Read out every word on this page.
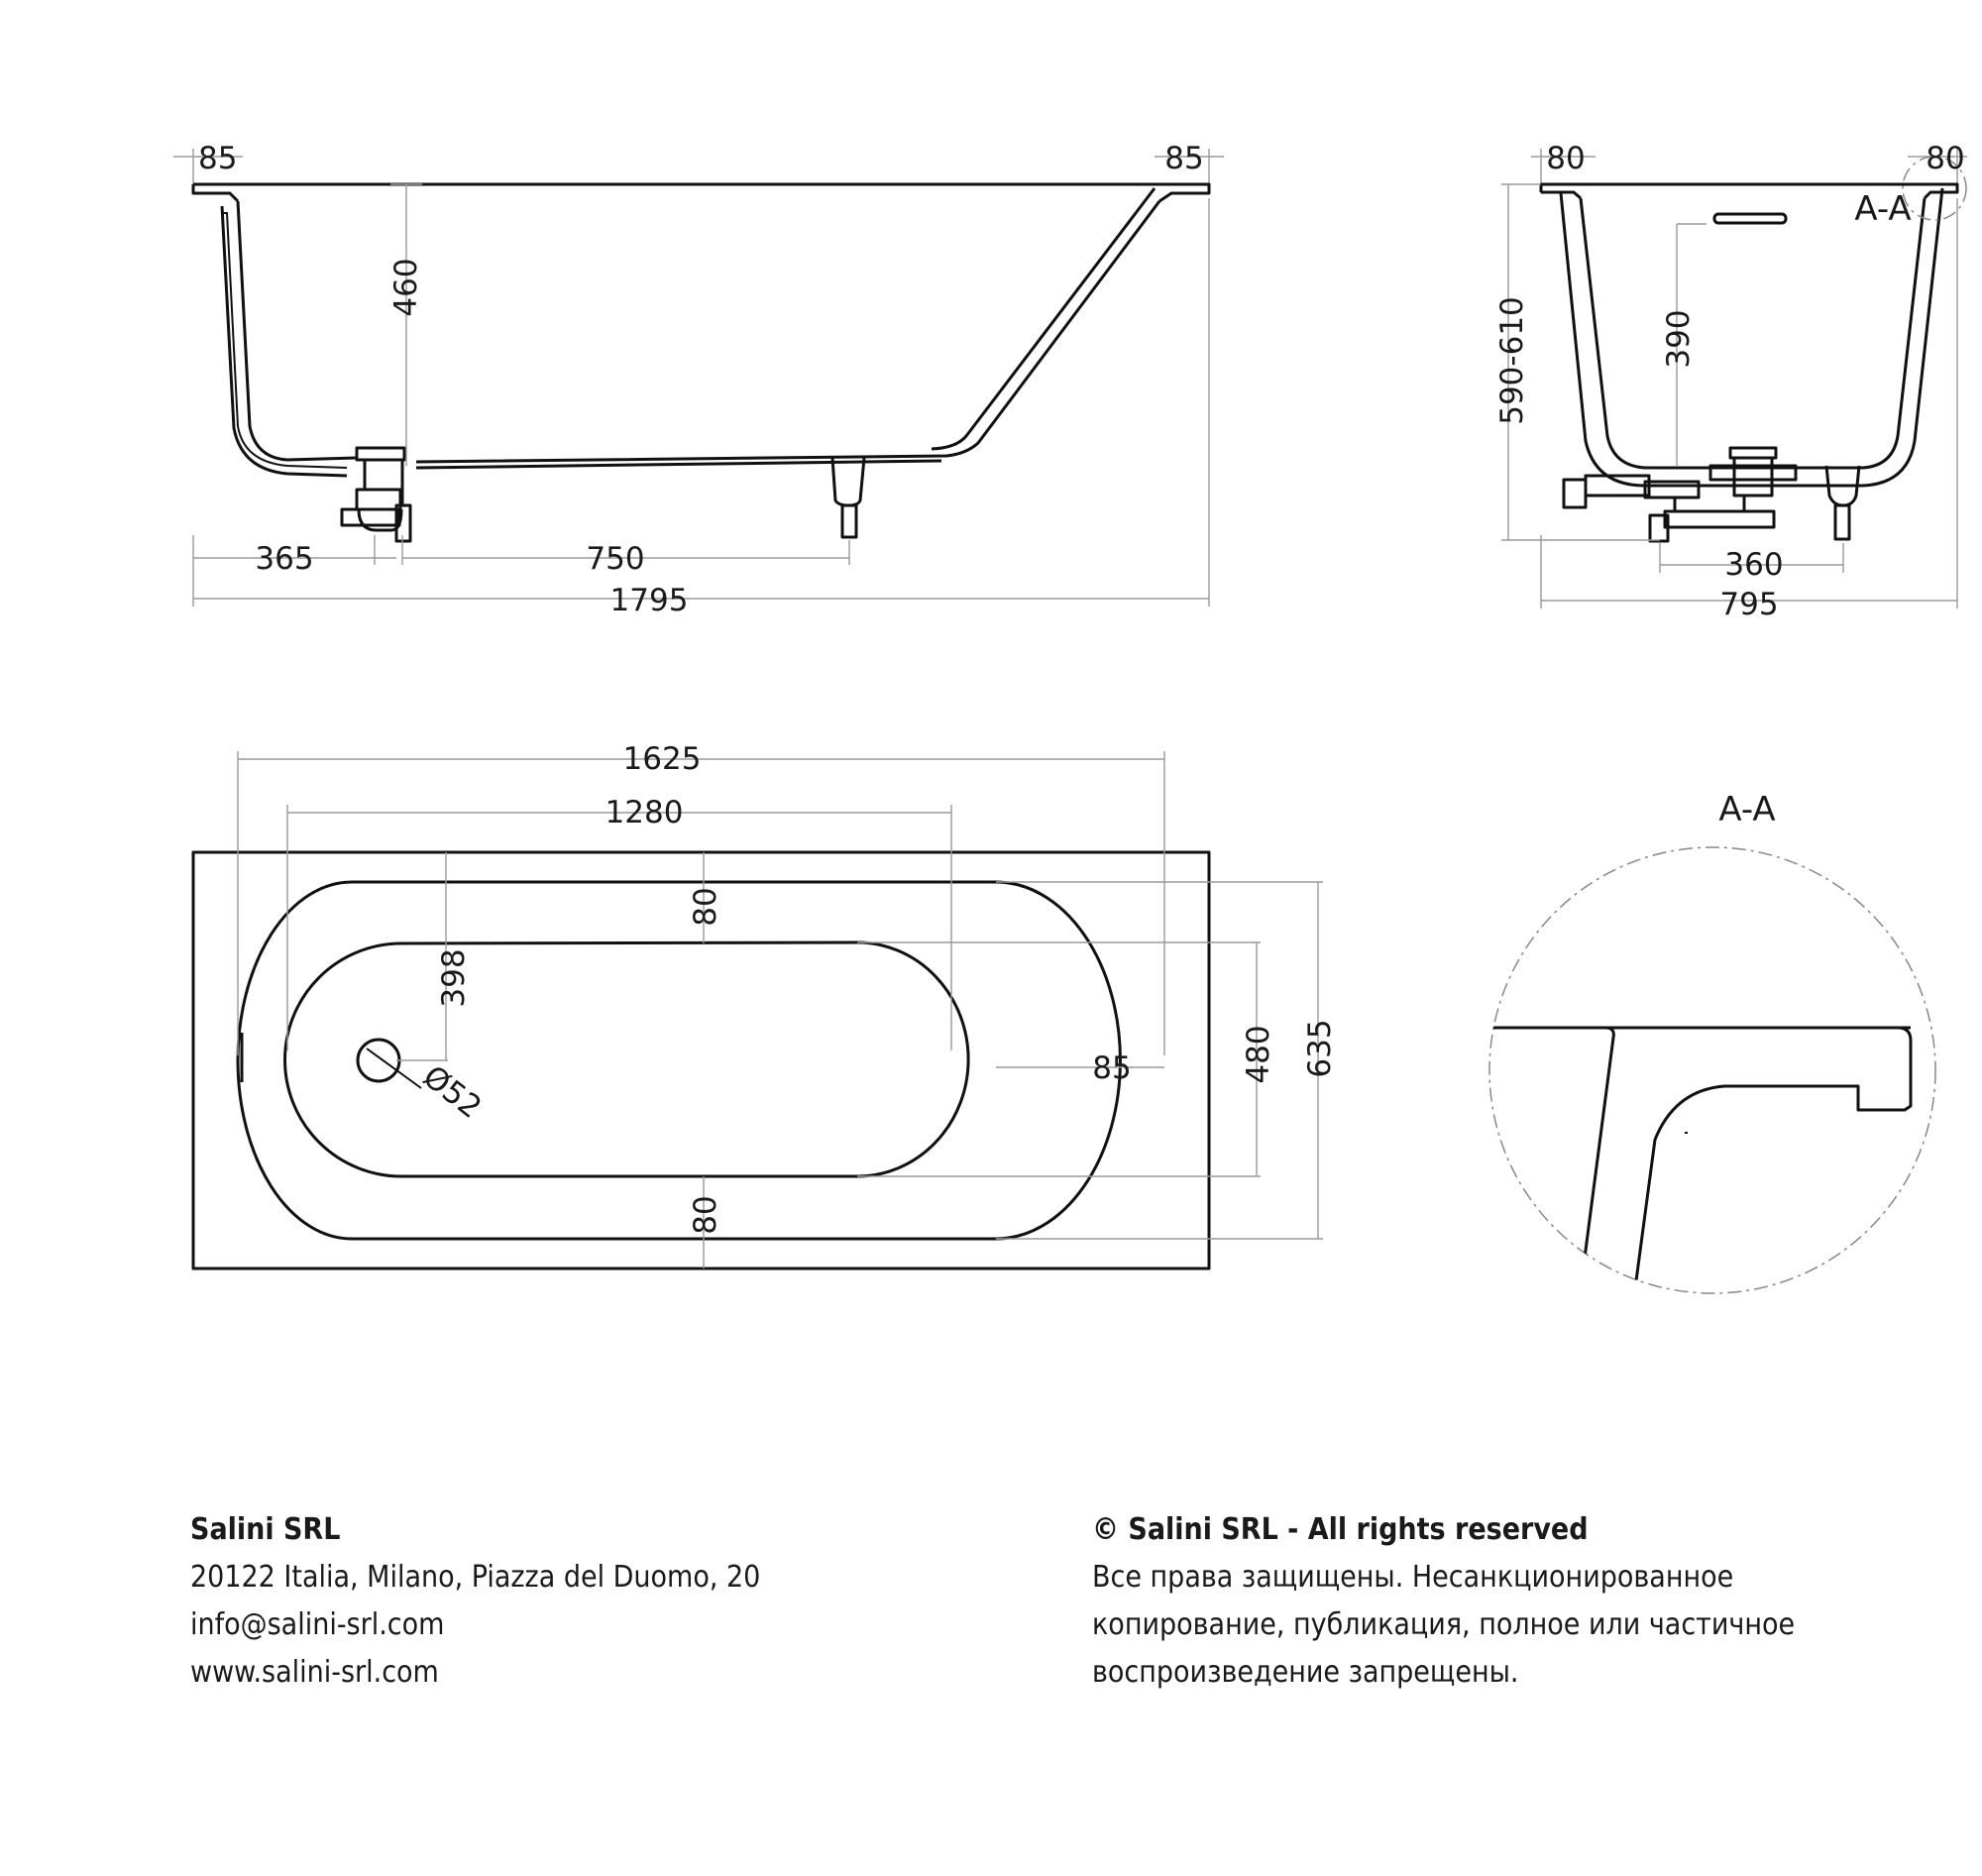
85	85
460
365	750
1795
80	80
A-A
390
590-610
360
795
1625
1280
80
80
398
85	480 635
Ø52
A-A
Salini SRL
20122 Italia, Milano, Piazza del Duomo, 20
info@salini-srl.com
www.salini-srl.com
© Salini SRL - All rights reserved
Все права защищены. Несанкционированное
копирование, публикация, полное или частичное
воспроизведение запрещены.
